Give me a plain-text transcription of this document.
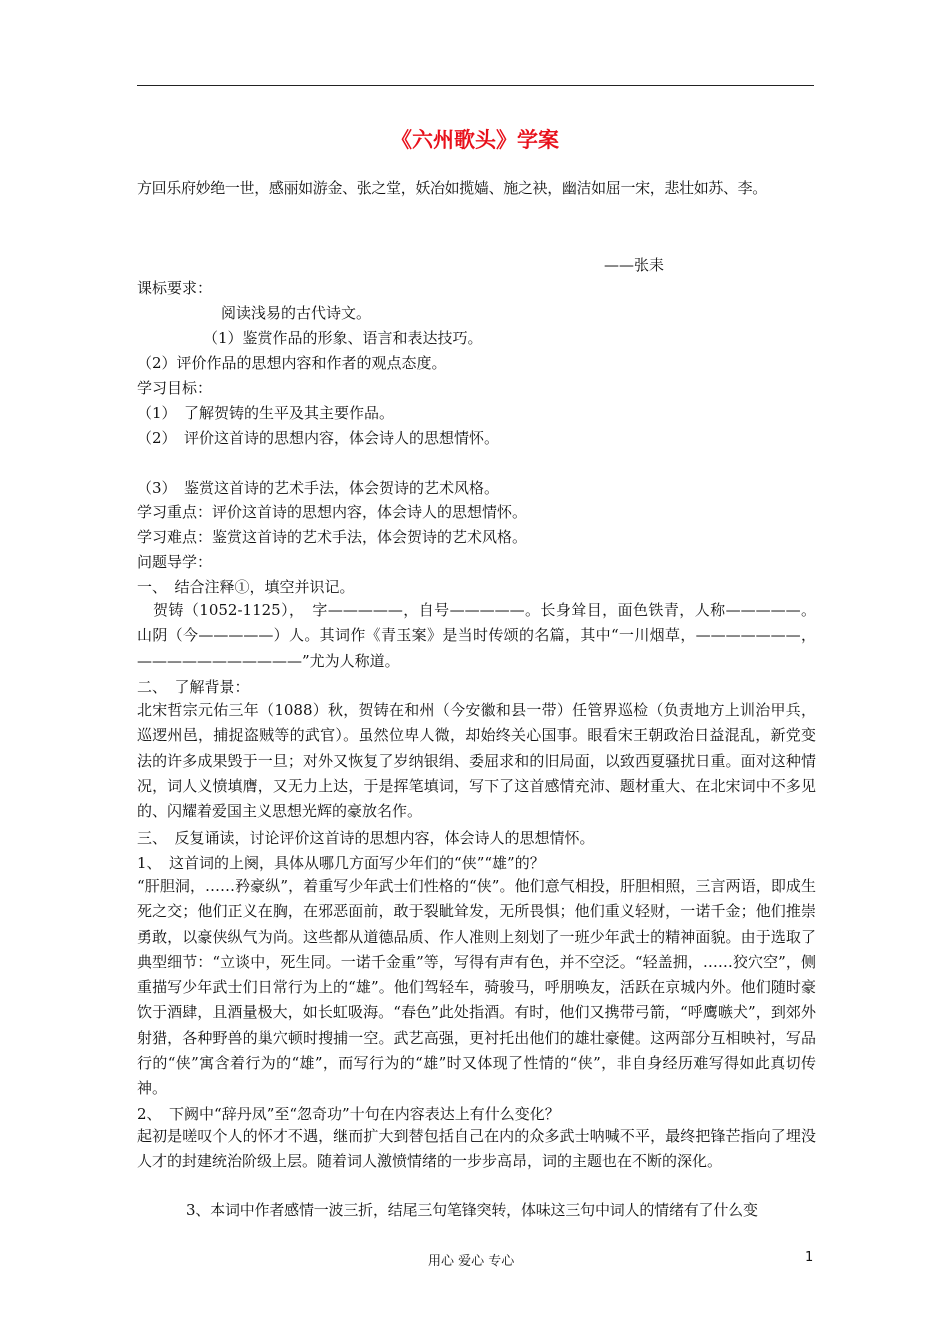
《六州歌头》学案
方回乐府妙绝一世，感丽如游金、张之堂，妖冶如揽嫱、施之袂，幽洁如屈一宋，悲壮如苏、李。
——张耒
课标要求：
阅读浅易的古代诗文。
（1）鉴赏作品的形象、语言和表达技巧。
（2）评价作品的思想内容和作者的观点态度。
学习目标：
（1）　了解贺铸的生平及其主要作品。
（2）　评价这首诗的思想内容，体会诗人的思想情怀。
（3）　鉴赏这首诗的艺术手法，体会贺诗的艺术风格。
学习重点：评价这首诗的思想内容，体会诗人的思想情怀。
学习难点：鉴赏这首诗的艺术手法，体会贺诗的艺术风格。
问题导学：
一、　结合注释①，填空并识记。
贺铸（1052-1125），　字—————，自号—————。长身耸目，面色铁青，人称—————。山阴（今—————）人。其词作《青玉案》是当时传颂的名篇，其中“一川烟草，———————，———————————”尤为人称道。
二、　了解背景：
北宋哲宗元佑三年（1088）秋，贺铸在和州（今安徽和县一带）任管界巡检（负责地方上训治甲兵，巡逻州邑，捕捉盗贼等的武官）。虽然位卑人微，却始终关心国事。眼看宋王朝政治日益混乱，新党变法的许多成果毁于一旦；对外又恢复了岁纳银绢、委屈求和的旧局面，以致西夏骚扰日重。面对这种情况，词人义愤填膺，又无力上达，于是挥笔填词，写下了这首感情充沛、题材重大、在北宋词中不多见的、闪耀着爱国主义思想光辉的豪放名作。
三、　反复诵读，讨论评价这首诗的思想内容，体会诗人的思想情怀。
1、　这首词的上阕，具体从哪几方面写少年们的“侠”“雄”的？
“肝胆洞，……矜豪纵”，着重写少年武士们性格的“侠”。他们意气相投，肝胆相照，三言两语，即成生死之交；他们正义在胸，在邪恶面前，敢于裂眦耸发，无所畏惧；他们重义轻财，一诺千金；他们推崇勇敢，以豪侠纵气为尚。这些都从道德品质、作人准则上刻划了一班少年武士的精神面貌。由于选取了典型细节：“立谈中，死生同。一诺千金重”等，写得有声有色，并不空泛。“轻盖拥，……狡穴空”，侧重描写少年武士们日常行为上的“雄”。他们驾轻车，骑骏马，呼朋唤友，活跃在京城内外。他们随时豪饮于酒肆，且酒量极大，如长虹吸海。“春色”此处指酒。有时，他们又携带弓箭，“呼鹰嗾犬”，到郊外射猎，各种野兽的巢穴顿时搜捕一空。武艺高强，更衬托出他们的雄壮豪健。这两部分互相映衬，写品行的“侠”寓含着行为的“雄”，而写行为的“雄”时又体现了性情的“侠”，非自身经历难写得如此真切传神。
2、　下阙中“辞丹凤”至“忽奇功”十句在内容表达上有什么变化？
起初是嗟叹个人的怀才不遇，继而扩大到替包括自己在内的众多武士呐喊不平，最终把锋芒指向了埋没人才的封建统治阶级上层。随着词人激愤情绪的一步步高昂，词的主题也在不断的深化。
3、本词中作者感情一波三折，结尾三句笔锋突转，体味这三句中词人的情绪有了什么变
用心 爱心 专心	1
